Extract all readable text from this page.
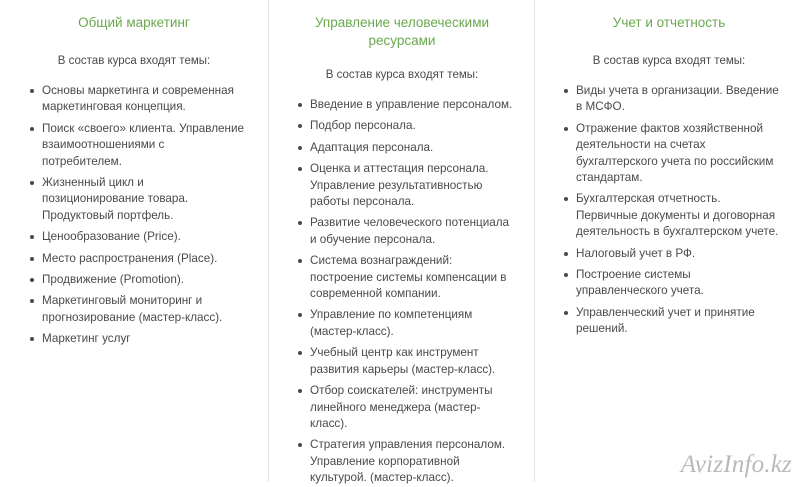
Общий маркетинг

В состав курса входят темы:

Основы маркетинга и современная маркетинговая концепция.
Поиск «своего» клиента. Управление взаимоотношениями с потребителем.
Жизненный цикл и позиционирование товара. Продуктовый портфель.
Ценообразование (Price).
Место распространения (Place).
Продвижение (Promotion).
Маркетинговый мониторинг и прогнозирование (мастер-класс).
Маркетинг услуг
Управление человеческими ресурсами

В состав курса входят темы:

Введение в управление персоналом.
Подбор персонала.
Адаптация персонала.
Оценка и аттестация персонала. Управление результативностью работы персонала.
Развитие человеческого потенциала и обучение персонала.
Система вознаграждений: построение системы компенсации в современной компании.
Управление по компетенциям (мастер-класс).
Учебный центр как инструмент развития карьеры (мастер-класс).
Отбор соискателей: инструменты линейного менеджера (мастер-класс).
Стратегия управления персоналом. Управление корпоративной культурой. (мастер-класс).
Учет и отчетность

В состав курса входят темы:

Виды учета в организации. Введение в МСФО.
Отражение фактов хозяйственной деятельности на счетах бухгалтерского учета по российским стандартам.
Бухгалтерская отчетность. Первичные документы и договорная деятельность в бухгалтерском учете.
Налоговый учет в РФ.
Построение системы управленческого учета.
Управленческий учет и принятие решений.
AvizInfo.kz
